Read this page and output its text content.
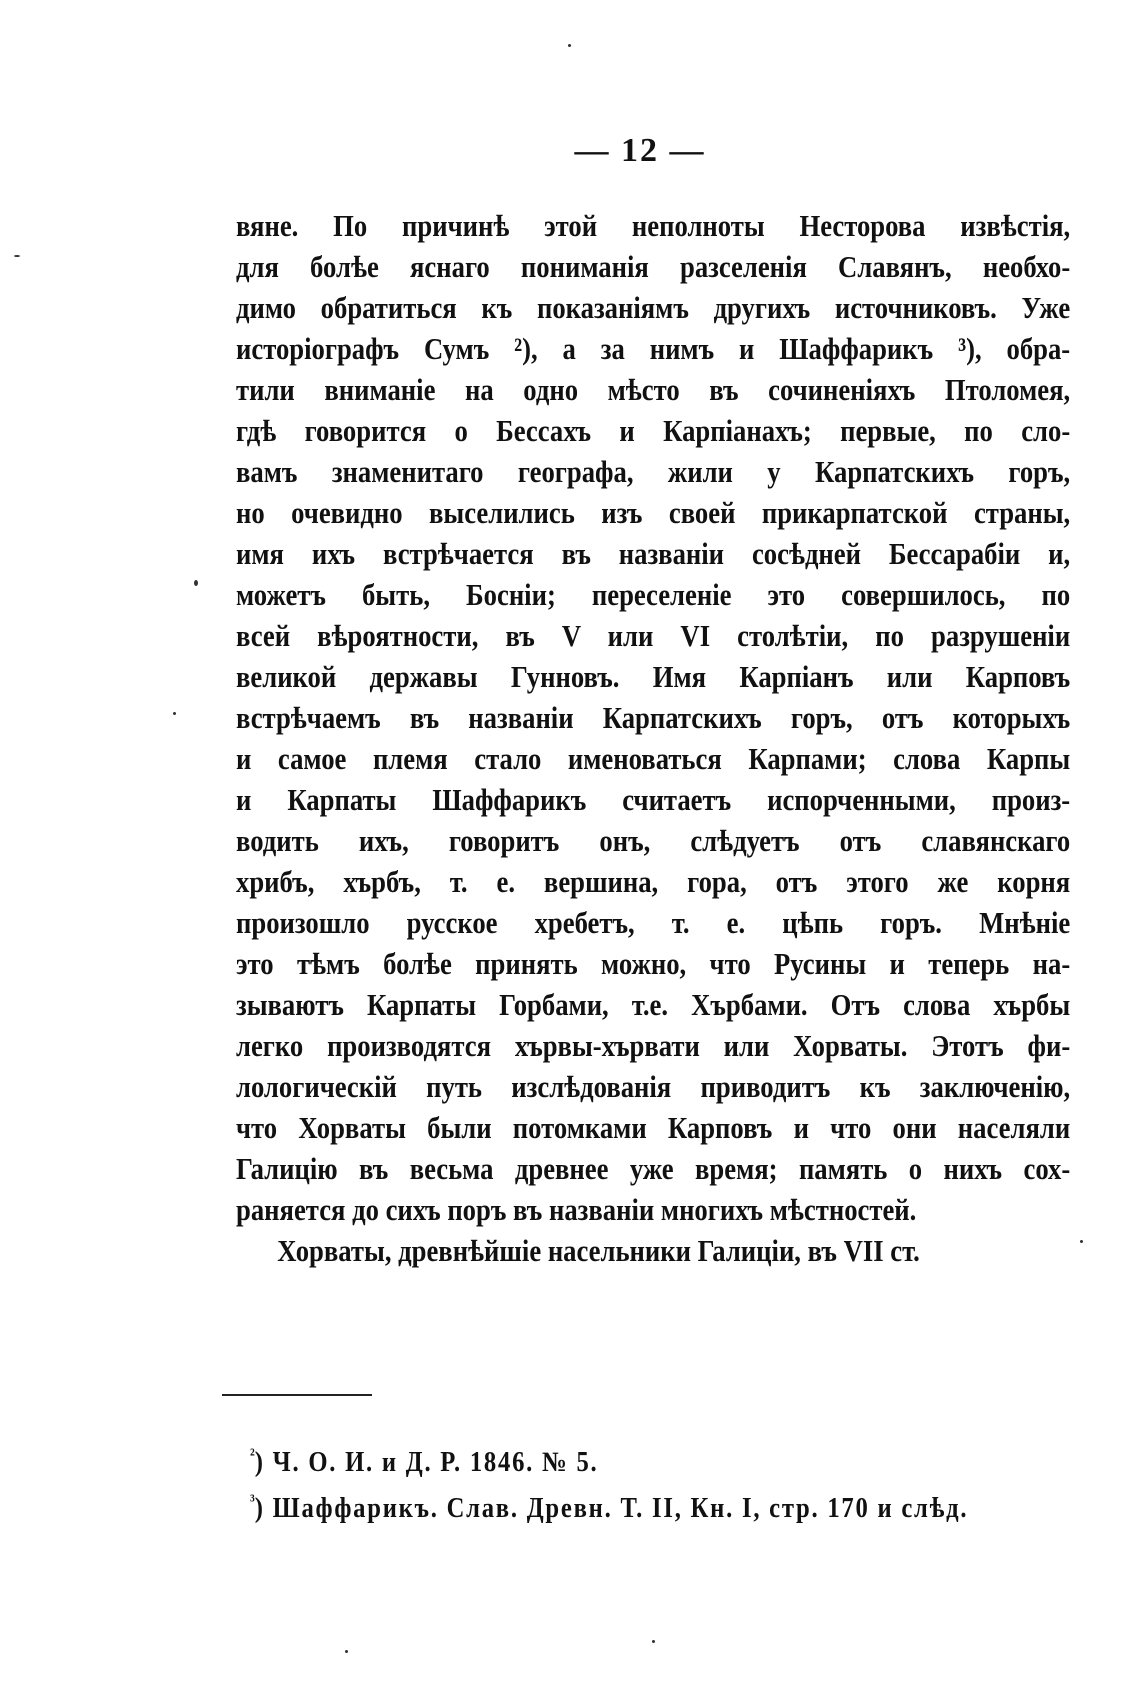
— 12 —
вяне. По причинѣ этой неполноты Несторова извѣстія,
для болѣе яснаго пониманія разселенія Славянъ, необхо-
димо обратиться къ показаніямъ другихъ источниковъ. Уже
исторіографъ Сумъ ²), а за нимъ и Шаффарикъ ³), обра-
тили вниманіе на одно мѣсто въ сочиненіяхъ Птоломея,
гдѣ говорится о Бессахъ и Карпіанахъ; первые, по сло-
вамъ знаменитаго географа, жили у Карпатскихъ горъ,
но очевидно выселились изъ своей прикарпатской страны,
имя ихъ встрѣчается въ названіи сосѣдней Бессарабіи и,
можетъ быть, Босніи; переселеніе это совершилось, по
всей вѣроятности, въ V или VI столѣтіи, по разрушеніи
великой державы Гунновъ. Имя Карпіанъ или Карповъ
встрѣчаемъ въ названіи Карпатскихъ горъ, отъ которыхъ
и самое племя стало именоваться Карпами; слова Карпы
и Карпаты Шаффарикъ считаетъ испорченными, произ-
водить ихъ, говоритъ онъ, слѣдуетъ отъ славянскаго
хрибъ, хърбъ, т. е. вершина, гора, отъ этого же корня
произошло русское хребетъ, т. е. цѣпь горъ. Мнѣніе
это тѣмъ болѣе принять можно, что Русины и теперь на-
зываютъ Карпаты Горбами, т.е. Хърбами. Отъ слова хърбы
легко производятся хървы-хървати или Хорваты. Этотъ фи-
лологическій путь изслѣдованія приводитъ къ заключенію,
что Хорваты были потомками Карповъ и что они населяли
Галицію въ весьма древнее уже время; память о нихъ сох-
раняется до сихъ поръ въ названіи многихъ мѣстностей.
Хорваты, древнѣйшіе насельники Галиціи, въ VII ст.
$^{^2}$) Ч. О. И. и Д. Р. 1846. № 5.
$^{^3}$) Шаффарикъ. Слав. Древн. Т. II, Кн. I, стр. 170 и слѣд.
